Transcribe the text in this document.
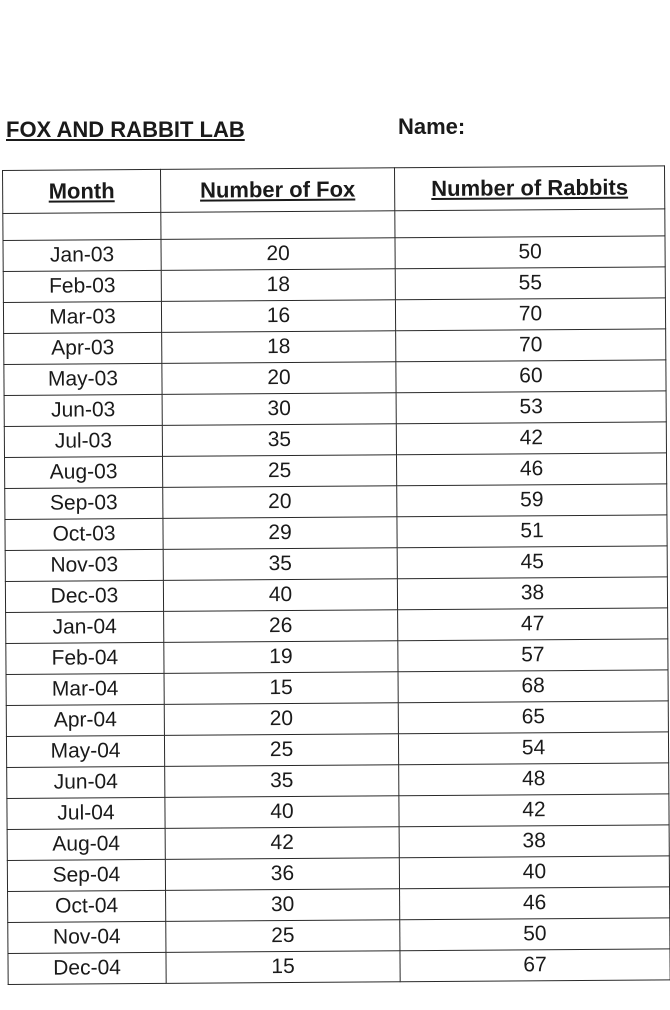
FOX AND RABBIT LAB	Name:
Month	Number of Fox	Number of Rabbits

Jan-03	20	50
Feb-03	18	55
Mar-03	16	70
Apr-03	18	70
May-03	20	60
Jun-03	30	53
Jul-03	35	42
Aug-03	25	46
Sep-03	20	59
Oct-03	29	51
Nov-03	35	45
Dec-03	40	38
Jan-04	26	47
Feb-04	19	57
Mar-04	15	68
Apr-04	20	65
May-04	25	54
Jun-04	35	48
Jul-04	40	42
Aug-04	42	38
Sep-04	36	40
Oct-04	30	46
Nov-04	25	50
Dec-04	15	67
